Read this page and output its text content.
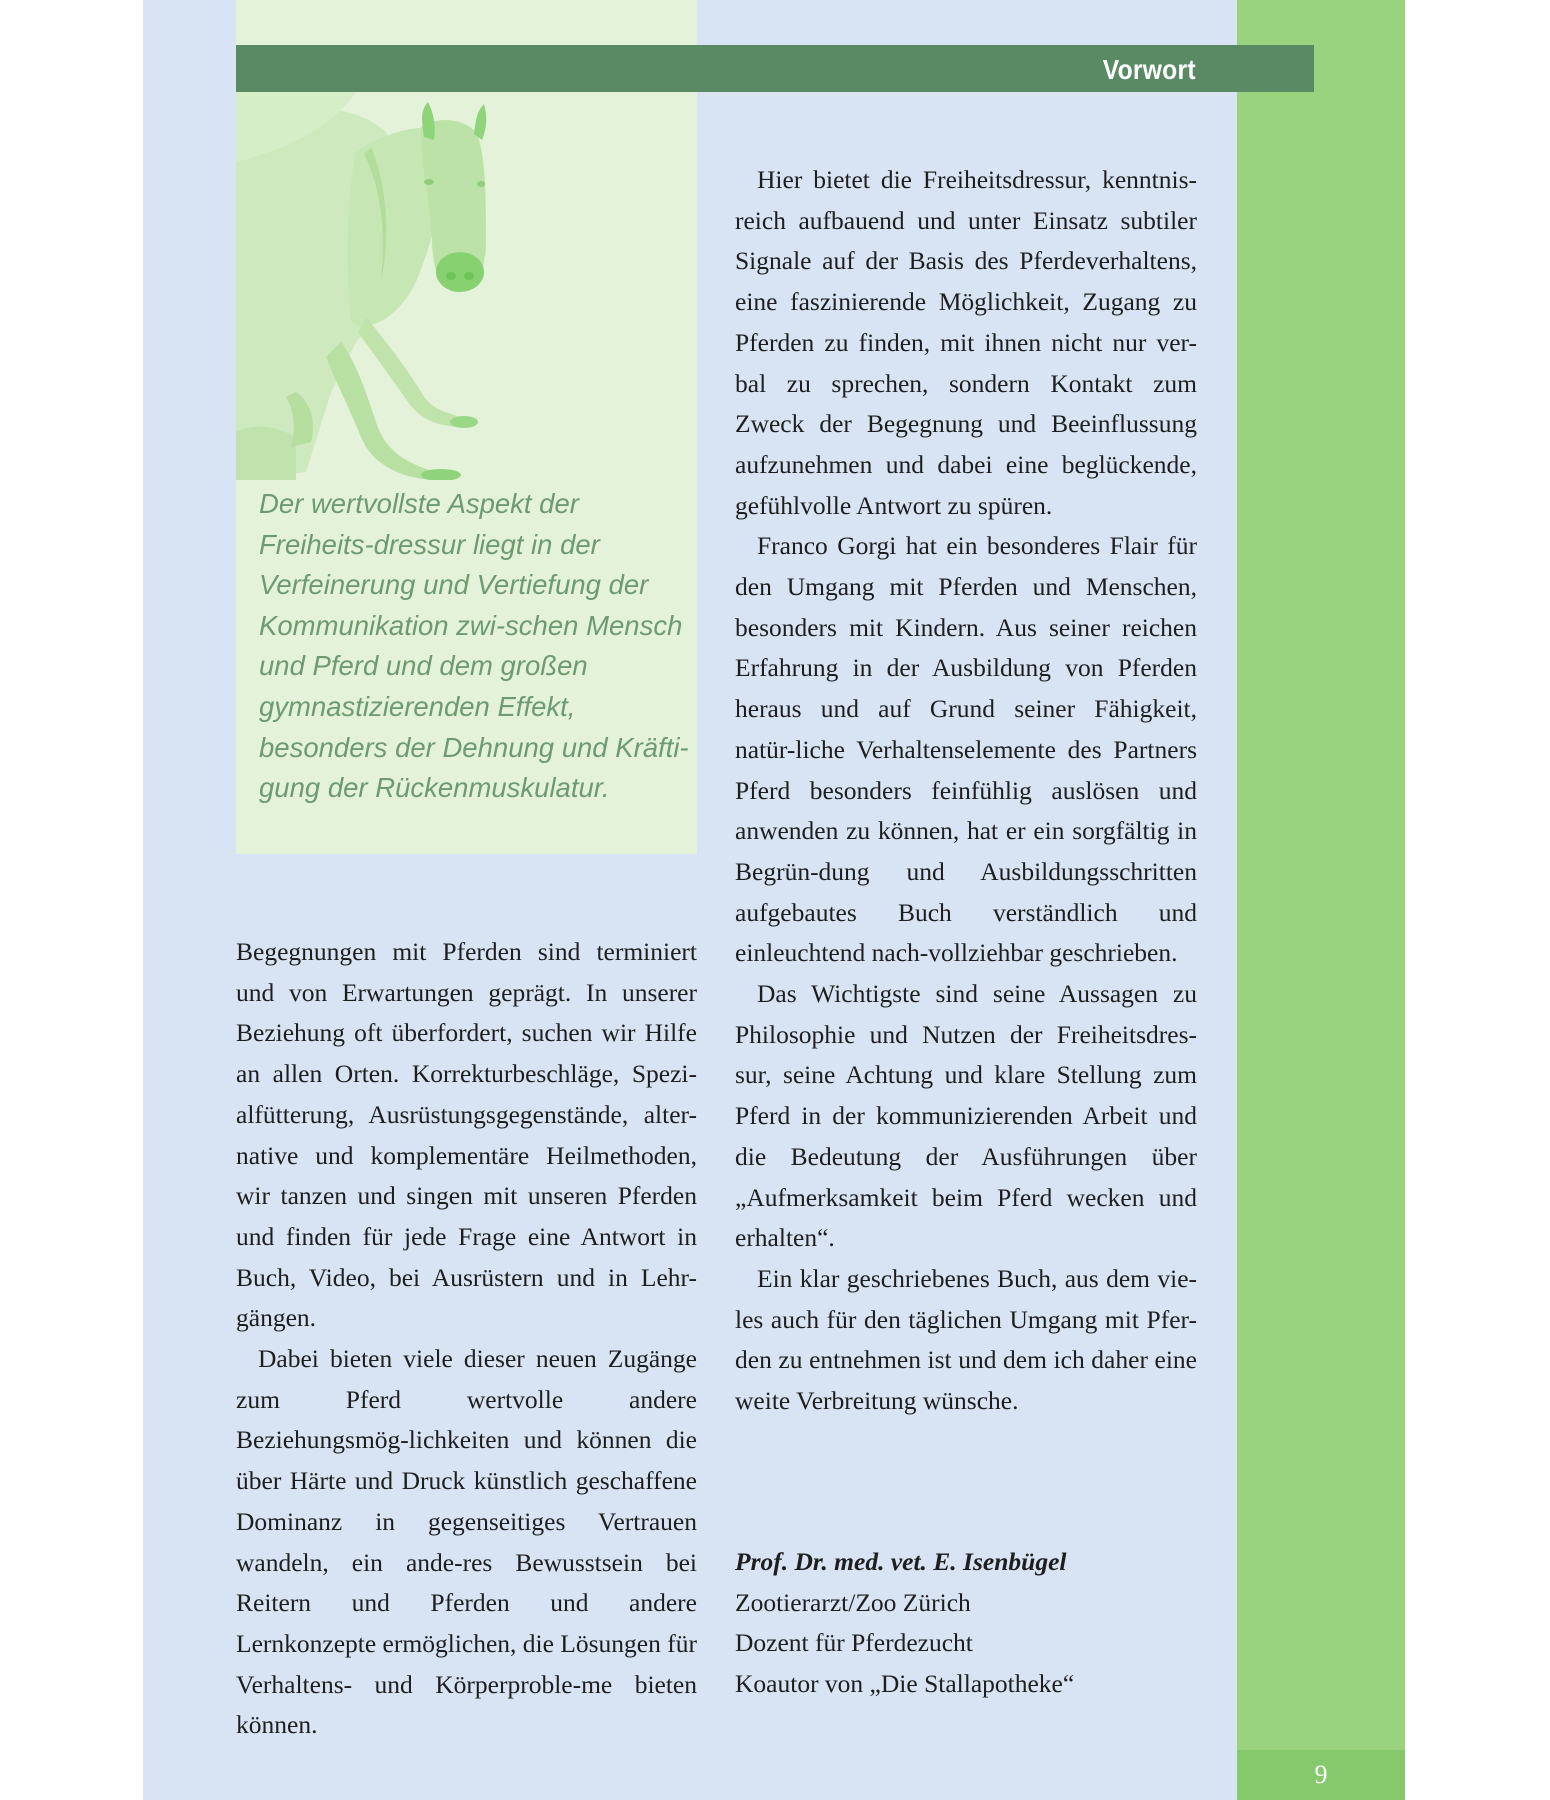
9
Vorwort

Der wertvollste Aspekt der Freiheits-dressur liegt in der Verfeinerung und Vertiefung der Kommunikation zwi-schen Mensch und Pferd und dem großen gymnastizierenden Effekt, besonders der Dehnung und Kräfti-gung der Rückenmuskulatur.

Begegnungen mit Pferden sind terminiert und von Erwartungen geprägt. In unserer Beziehung oft überfordert, suchen wir Hilfe an allen Orten. Korrekturbeschläge, Spezi-alfütterung, Ausrüstungsgegenstände, alter-native und komplementäre Heilmethoden, wir tanzen und singen mit unseren Pferden und finden für jede Frage eine Antwort in Buch, Video, bei Ausrüstern und in Lehr-gängen.

Dabei bieten viele dieser neuen Zugänge zum Pferd wertvolle andere Beziehungsmög-lichkeiten und können die über Härte und Druck künstlich geschaffene Dominanz in gegenseitiges Vertrauen wandeln, ein ande-res Bewusstsein bei Reitern und Pferden und andere Lernkonzepte ermöglichen, die Lösungen für Verhaltens- und Körperproble-me bieten können.

Hier bietet die Freiheitsdressur, kenntnis-reich aufbauend und unter Einsatz subtiler Signale auf der Basis des Pferdeverhaltens, eine faszinierende Möglichkeit, Zugang zu Pferden zu finden, mit ihnen nicht nur ver-bal zu sprechen, sondern Kontakt zum Zweck der Begegnung und Beeinflussung aufzunehmen und dabei eine beglückende, gefühlvolle Antwort zu spüren.

Franco Gorgi hat ein besonderes Flair für den Umgang mit Pferden und Menschen, besonders mit Kindern. Aus seiner reichen Erfahrung in der Ausbildung von Pferden heraus und auf Grund seiner Fähigkeit, natür-liche Verhaltenselemente des Partners Pferd besonders feinfühlig auslösen und anwenden zu können, hat er ein sorgfältig in Begrün-dung und Ausbildungsschritten aufgebautes Buch verständlich und einleuchtend nach-vollziehbar geschrieben.

Das Wichtigste sind seine Aussagen zu Philosophie und Nutzen der Freiheitsdres-sur, seine Achtung und klare Stellung zum Pferd in der kommunizierenden Arbeit und die Bedeutung der Ausführungen über „Aufmerksamkeit beim Pferd wecken und erhalten“.

Ein klar geschriebenes Buch, aus dem vie-les auch für den täglichen Umgang mit Pfer-den zu entnehmen ist und dem ich daher eine weite Verbreitung wünsche.

Prof. Dr. med. vet. E. Isenbügel
Zootierarzt/Zoo Zürich
Dozent für Pferdezucht
Koautor von „Die Stallapotheke“
